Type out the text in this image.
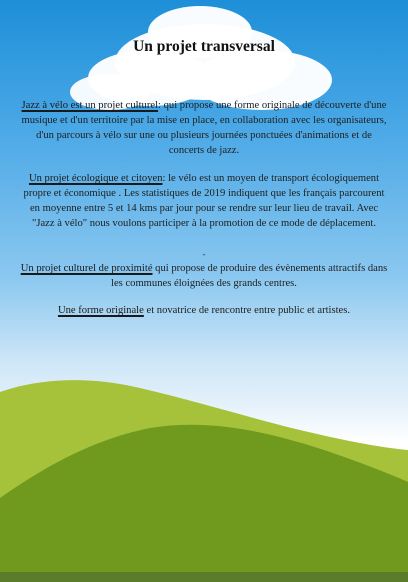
Un projet transversal
Jazz à vélo est un projet culturel: qui propose une forme originale de découverte d'une musique et d'un territoire par la mise en place, en collaboration avec les organisateurs, d'un parcours à vélo sur une ou plusieurs journées ponctuées d'animations et de concerts de jazz.
Un projet écologique et citoyen: le vélo est un moyen de transport écologiquement propre et économique . Les statistiques de 2019 indiquent que les français parcourent en moyenne entre 5 et 14 kms par jour pour se rendre sur leur lieu de travail. Avec "Jazz à vélo" nous voulons participer à la promotion de ce mode de déplacement.
-
Un projet culturel de proximité qui propose de produire des évènements attractifs dans les communes éloignées des grands centres.
Une forme originale et novatrice de rencontre entre public et artistes.
